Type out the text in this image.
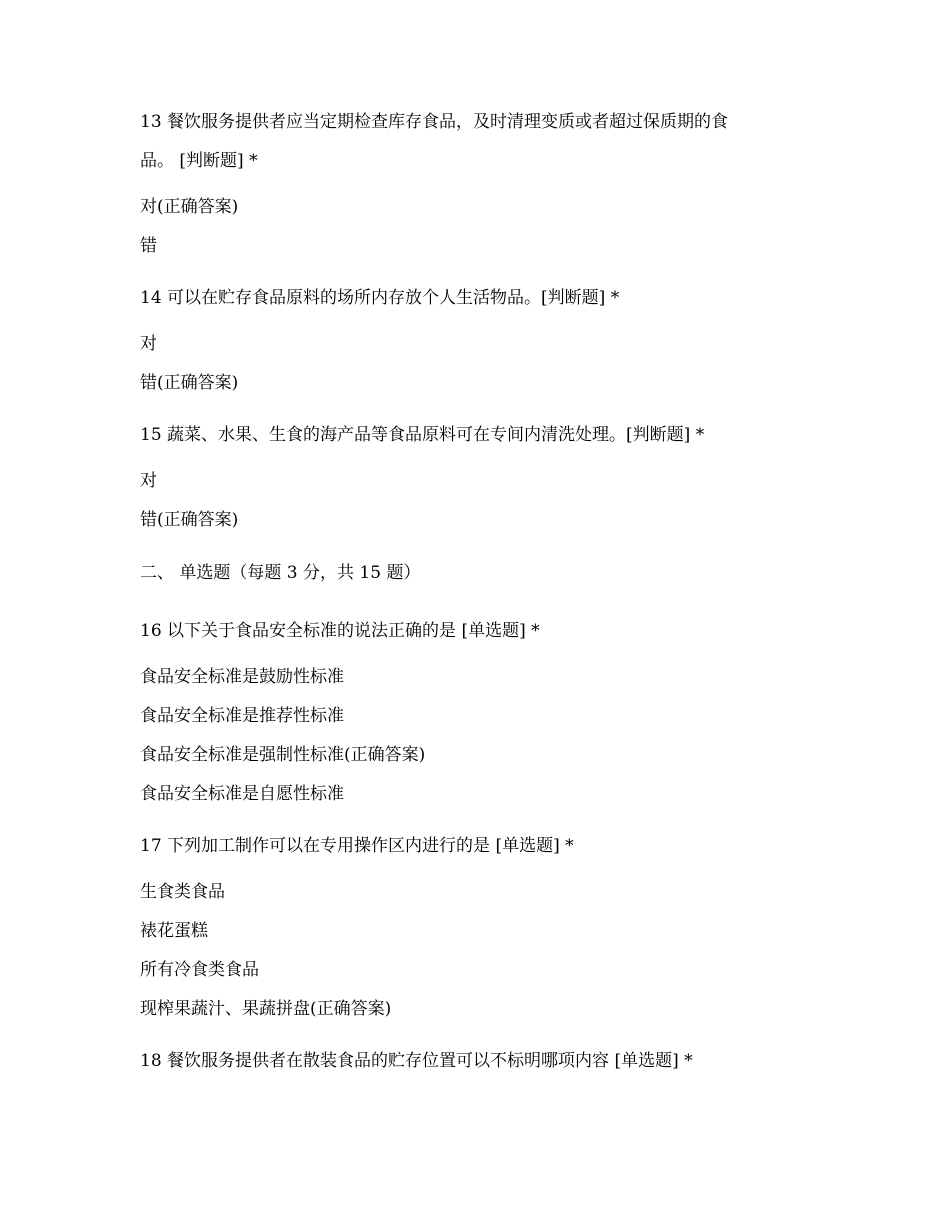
13 餐饮服务提供者应当定期检查库存食品，及时清理变质或者超过保质期的食
品。 [判断题] *
对(正确答案)
错
14 可以在贮存食品原料的场所内存放个人生活物品。[判断题] *
对
错(正确答案)
15 蔬菜、水果、生食的海产品等食品原料可在专间内清洗处理。[判断题] *
对
错(正确答案)
二、 单选题（每题 3 分，共 15 题）
16 以下关于食品安全标准的说法正确的是 [单选题] *
食品安全标准是鼓励性标准
食品安全标准是推荐性标准
食品安全标准是强制性标准(正确答案)
食品安全标准是自愿性标准
17 下列加工制作可以在专用操作区内进行的是 [单选题] *
生食类食品
裱花蛋糕
所有冷食类食品
现榨果蔬汁、果蔬拼盘(正确答案)
18 餐饮服务提供者在散装食品的贮存位置可以不标明哪项内容 [单选题] *
